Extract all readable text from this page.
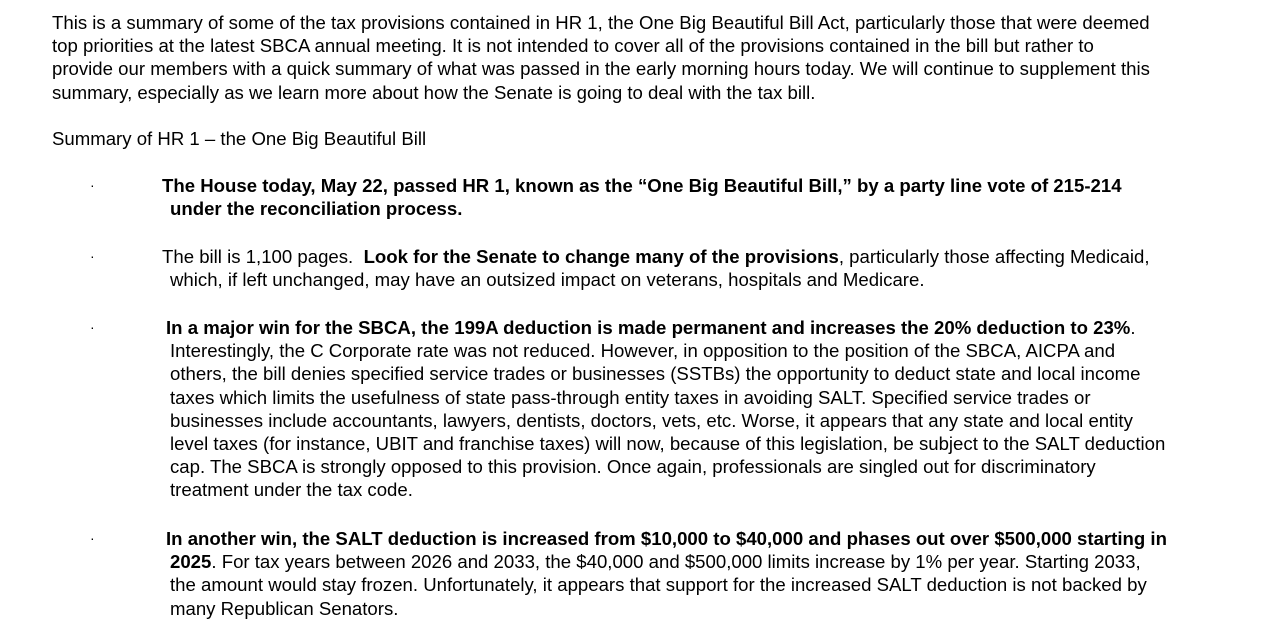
This is a summary of some of the tax provisions contained in HR 1, the One Big Beautiful Bill Act, particularly those that were deemed
top priorities at the latest SBCA annual meeting. It is not intended to cover all of the provisions contained in the bill but rather to
provide our members with a quick summary of what was passed in the early morning hours today. We will continue to supplement this
summary, especially as we learn more about how the Senate is going to deal with the tax bill.
Summary of HR 1 – the One Big Beautiful Bill
·	The House today, May 22, passed HR 1, known as the “One Big Beautiful Bill,” by a party line vote of 215-214
under the reconciliation process.
·	The bill is 1,100 pages.  Look for the Senate to change many of the provisions, particularly those affecting Medicaid,
which, if left unchanged, may have an outsized impact on veterans, hospitals and Medicare.
·	In a major win for the SBCA, the 199A deduction is made permanent and increases the 20% deduction to 23%.
Interestingly, the C Corporate rate was not reduced. However, in opposition to the position of the SBCA, AICPA and
others, the bill denies specified service trades or businesses (SSTBs) the opportunity to deduct state and local income
taxes which limits the usefulness of state pass-through entity taxes in avoiding SALT. Specified service trades or
businesses include accountants, lawyers, dentists, doctors, vets, etc. Worse, it appears that any state and local entity
level taxes (for instance, UBIT and franchise taxes) will now, because of this legislation, be subject to the SALT deduction
cap. The SBCA is strongly opposed to this provision. Once again, professionals are singled out for discriminatory
treatment under the tax code.
·	In another win, the SALT deduction is increased from $10,000 to $40,000 and phases out over $500,000 starting in
2025. For tax years between 2026 and 2033, the $40,000 and $500,000 limits increase by 1% per year. Starting 2033,
the amount would stay frozen. Unfortunately, it appears that support for the increased SALT deduction is not backed by
many Republican Senators.
